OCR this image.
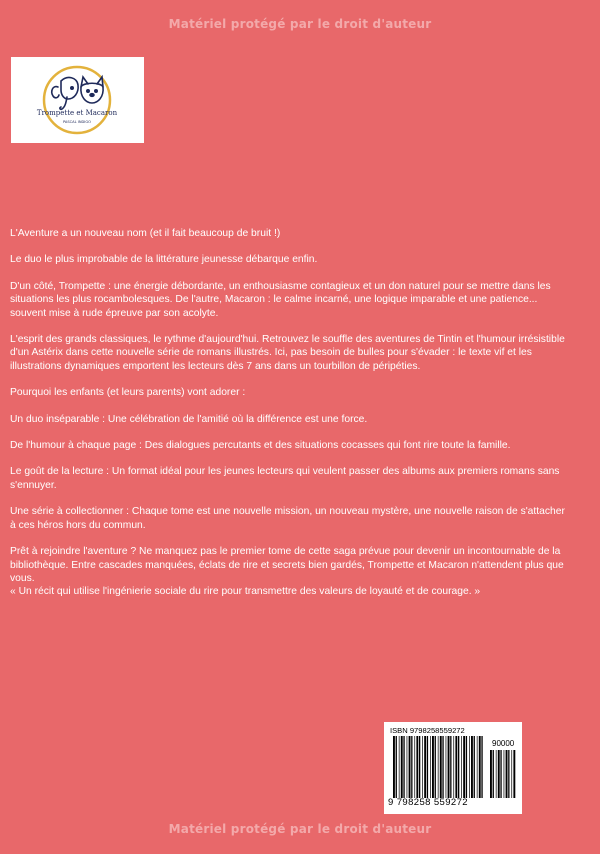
Matériel protégé par le droit d'auteur
Trompette et Macaron
PASCAL INDIGO

L'Aventure a un nouveau nom (et il fait beaucoup de bruit !)

Le duo le plus improbable de la littérature jeunesse débarque enfin.

D'un côté, Trompette : une énergie débordante, un enthousiasme contagieux et un don naturel pour se mettre dans les situations les plus rocambolesques. De l'autre, Macaron : le calme incarné, une logique imparable et une patience... souvent mise à rude épreuve par son acolyte.

L'esprit des grands classiques, le rythme d'aujourd'hui. Retrouvez le souffle des aventures de Tintin et l'humour irrésistible d'un Astérix dans cette nouvelle série de romans illustrés. Ici, pas besoin de bulles pour s'évader : le texte vif et les illustrations dynamiques emportent les lecteurs dès 7 ans dans un tourbillon de péripéties.

Pourquoi les enfants (et leurs parents) vont adorer :

Un duo inséparable : Une célébration de l'amitié où la différence est une force.

De l'humour à chaque page : Des dialogues percutants et des situations cocasses qui font rire toute la famille.

Le goût de la lecture : Un format idéal pour les jeunes lecteurs qui veulent passer des albums aux premiers romans sans s'ennuyer.

Une série à collectionner : Chaque tome est une nouvelle mission, un nouveau mystère, une nouvelle raison de s'attacher à ces héros hors du commun.

Prêt à rejoindre l'aventure ? Ne manquez pas le premier tome de cette saga prévue pour devenir un incontournable de la bibliothèque. Entre cascades manquées, éclats de rire et secrets bien gardés, Trompette et Macaron n'attendent plus que vous.

« Un récit qui utilise l'ingénierie sociale du rire pour transmettre des valeurs de loyauté et de courage. »

ISBN 9798258559272
90000
9 798258 559272
Matériel protégé par le droit d'auteur
